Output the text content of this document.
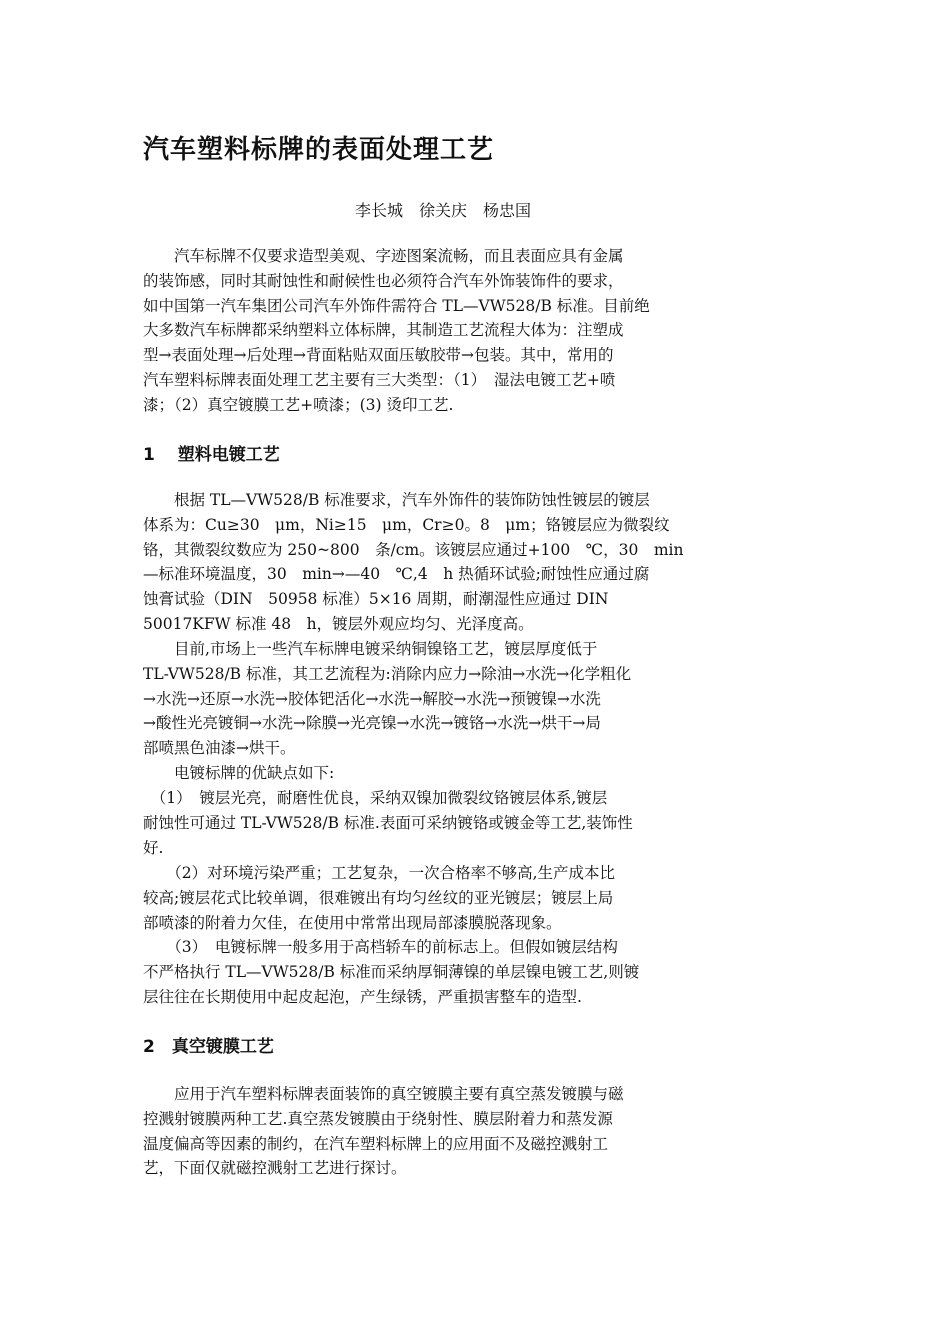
汽车塑料标牌的表面处理工艺
李长城 徐关庆 杨忠国
　　汽车标牌不仅要求造型美观、字迹图案流畅，而且表面应具有金属
的装饰感，同时其耐蚀性和耐候性也必须符合汽车外饰装饰件的要求，
如中国第一汽车集团公司汽车外饰件需符合 TL—VW528/B 标准。目前绝
大多数汽车标牌都采纳塑料立体标牌，其制造工艺流程大体为：注塑成
型→表面处理→后处理→背面粘贴双面压敏胶带→包装。其中，常用的
汽车塑料标牌表面处理工艺主要有三大类型：（1）　湿法电镀工艺+喷
漆；（2）真空镀膜工艺+喷漆；(3) 烫印工艺.
1　 塑料电镀工艺
　　根据 TL—VW528/B 标准要求，汽车外饰件的装饰防蚀性镀层的镀层
体系为：Cu≥30　μm，Ni≥15　μm，Cr≥0。8　μm；铬镀层应为微裂纹
铬，其微裂纹数应为 250~800　条/cm。该镀层应通过+100　℃，30　min
—标准环境温度，30　min→—40　℃,4　h 热循环试验;耐蚀性应通过腐
蚀膏试验（DIN　50958 标准）5×16 周期，耐潮湿性应通过 DIN
50017KFW 标准 48　h，镀层外观应均匀、光泽度高。
　　目前,市场上一些汽车标牌电镀采纳铜镍铬工艺，镀层厚度低于
TL-VW528/B 标准，其工艺流程为:消除内应力→除油→水洗→化学粗化
→水洗→还原→水洗→胶体钯活化→水洗→解胶→水洗→预镀镍→水洗
→酸性光亮镀铜→水洗→除膜→光亮镍→水洗→镀铬→水洗→烘干→局
部喷黑色油漆→烘干。
　　电镀标牌的优缺点如下:
　（1）　镀层光亮，耐磨性优良，采纳双镍加微裂纹铬镀层体系,镀层
耐蚀性可通过 TL-VW528/B 标准.表面可采纳镀铬或镀金等工艺,装饰性
好.
　　（2）对环境污染严重；工艺复杂，一次合格率不够高,生产成本比
较高;镀层花式比较单调，很难镀出有均匀丝纹的亚光镀层；镀层上局
部喷漆的附着力欠佳，在使用中常常出现局部漆膜脱落现象。
　　（3）　电镀标牌一般多用于高档轿车的前标志上。但假如镀层结构
不严格执行 TL—VW528/B 标准而采纳厚铜薄镍的单层镍电镀工艺,则镀
层往往在长期使用中起皮起泡，产生绿锈，严重损害整车的造型.
2　真空镀膜工艺
　　应用于汽车塑料标牌表面装饰的真空镀膜主要有真空蒸发镀膜与磁
控溅射镀膜两种工艺.真空蒸发镀膜由于绕射性、膜层附着力和蒸发源
温度偏高等因素的制约，在汽车塑料标牌上的应用面不及磁控溅射工
艺，下面仅就磁控溅射工艺进行探讨。
